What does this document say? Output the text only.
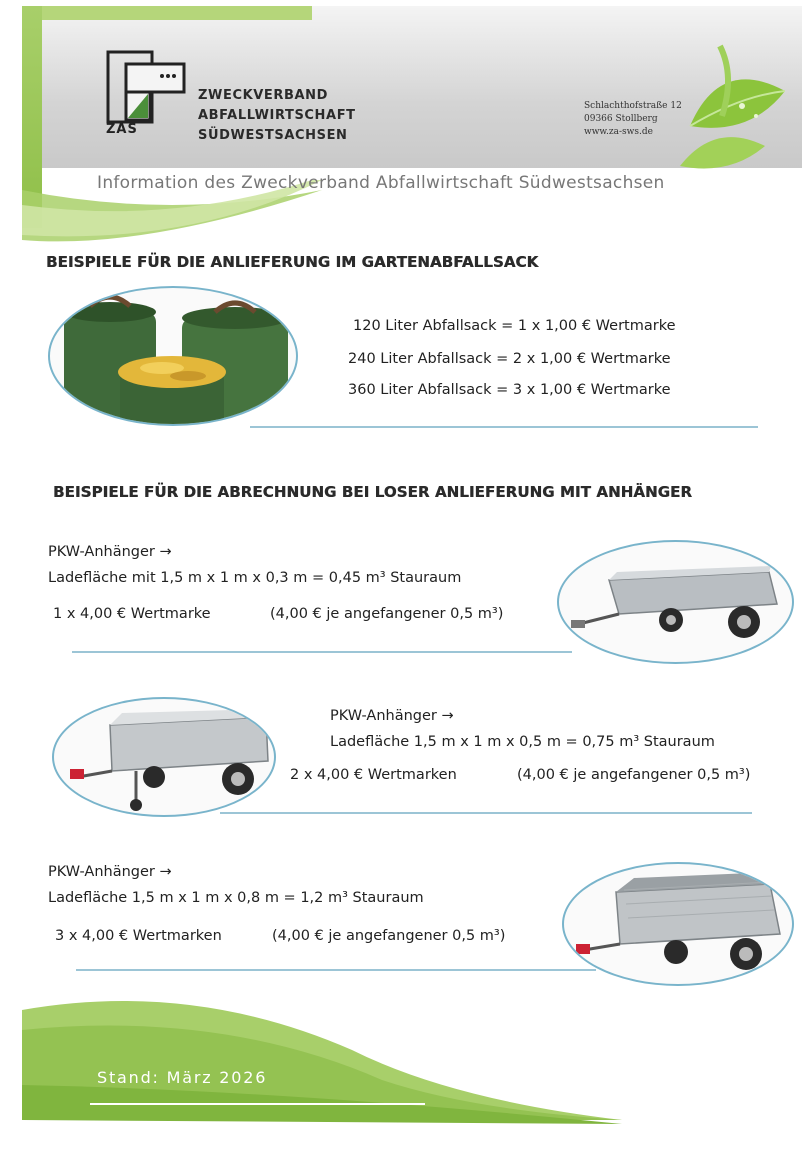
ZAS
ZWECKVERBAND
ABFALLWIRTSCHAFT
SÜDWESTSACHSEN
Schlachthofstraße 12
09366 Stollberg
www.za-sws.de
Information des Zweckverband Abfallwirtschaft Südwestsachsen
BEISPIELE FÜR DIE ANLIEFERUNG IM GARTENABFALLSACK
120 Liter Abfallsack = 1 x 1,00 € Wertmarke
240 Liter Abfallsack = 2 x 1,00 € Wertmarke
360 Liter Abfallsack = 3 x 1,00 € Wertmarke
BEISPIELE FÜR DIE ABRECHNUNG BEI LOSER ANLIEFERUNG MIT ANHÄNGER
PKW-Anhänger →
Ladefläche mit 1,5 m x 1 m x 0,3 m = 0,45 m³ Stauraum
1 x 4,00 € Wertmarke	(4,00 € je angefangener 0,5 m³)
PKW-Anhänger →
Ladefläche 1,5 m x 1 m x 0,5 m = 0,75 m³ Stauraum
2 x 4,00 € Wertmarken	(4,00 € je angefangener 0,5 m³)
PKW-Anhänger →
Ladefläche 1,5 m x 1 m x 0,8 m = 1,2 m³ Stauraum
3 x 4,00 € Wertmarken	(4,00 € je angefangener 0,5 m³)
Stand: März 2026
